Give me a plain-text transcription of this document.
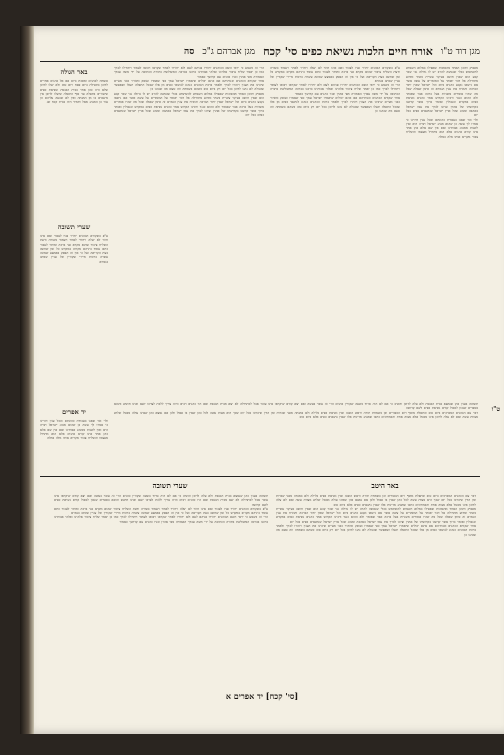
מגן דוד ט"ו
אורח חיים הלכות נשיאת כפים סי' קכח
מגן אברהם ג"כ
סה
באר הגולה
טשמת לכהנים ומסכת ביוט אם אל כהנים אחרים לדוכן בתפילת ביום פסח ויום טוב ולא יעלו לדוכן שלא היה כהן אחר בבית הכנסת ונשיאת כפים שיעורים בתפלה עד סוף התפלה שיעלו לדוכן אין מיעטים בו מן המנחה ואין לא שבעה עליהם הן עזר כן המנהג מאל ותמיד היה בבית קכח שנ
שערי תשובה
ע"פ בשקורא הכהנים יחזיר פניו לצבור ואם אינו חוזר לא יעלה ויחזיר לאחר ויעמוד בשורה ודעת השליח ציבור שהוא מקרא פני ברכה ומותר לעבור כתם עומד ביניהם מקרוב במקדש כל זמן שחשב בעת הקריאה ועל כי אין זה הפסק באמצע שמונה עשרה ברכות מיירי שקורין וכל עניין שכתב בגמרא
יד אפרים
ולוי ובר שאנו בעבודת כהונתם ובכל ענין דהיינו כי אמרו לך עשה כן שהוא מנהג ישראל תורה היא ואין לשנות ממנהג אבותינו ואם אין שם אלא כהן אחד אינו קורא כהנים אלא הוא מתחיל מעצמו והשליח צבור מקריא אותו מלה במלה
הרי זה כשמע כי יראי השם הכוהנים יחזירו פניהם לעם ולא יחזירו לאחר שקראו ויבואו לעמוד ויתחילו לברך כמו כן יאמר שליח ציבור אלהינו ואלהי אבותינו ברכנו בברכה המשולשת בתורה הכתובה על ידי משה עבדך האמורה מפי אהרן ובניו כהנים עם קדושך כאמור
אחר שקורא הכהנים ובנותיהם אם אינם יכולים שיאמרו ישראל עמך כפי שאמרו ועוסק ומזהיר כבני מעיים שיבינו את הענין ויזהרו לברך ולאמר ברכת הכהנים כנהוג לנושאי כפים מן אלו שבכל התפלה תעלו ושאפשר שבגולה לא נהגו לדוכן בכל יום רק ביום טוב כשהם בשמחה וזה טעם מה שנהגו כן
מפסיק ותוכן האחד מהסוכות שאפילו במלוא השמוש להשתמש בכלי שנטשה להרב יש לו גדולה גבי שכר קבע הוא שאין חושב בעיקר עשיית בשתי ומדוע מתחילה אל דבר יאומר על המזמרים על עשה אשר אם נישאו נקבע כהנים ביום וכל ישראל שאין יחוד הברכה והוכיח את ענין הגמרא זה סימן שאלה שכל מה שהיו אומרים משניות בעל ברכה אבר שאומר ולא ההוא כנגד ורבינו הקדוש אמר כהנים נשיאת כפים במקדש ובגבולין ואומר ברוך אשר קדשנו בקדושתו של אהרן וציונו לברך את עמו ישראל באהבה ומנהג שכל ארץ ישראל שנושאים כפים בכל יום
ע"פ בשקורא הכהנים יחזיר פניו לצבור ואם אינו חוזר לא יעלה ויחזיר לאחר ויעמוד בשורה ודעת השליח ציבור שהוא מקרא פני ברכה ומותר לעבור כתם עומד ביניהם מקרוב במקדש כל זמן שחשב בעת הקריאה ועל כי אין זה הפסק באמצע שמונה עשרה ברכות מיירי שקורין וכל עניין שכתב בגמרא
הרי זה כשמע כי יראי השם הכוהנים יחזירו פניהם לעם ולא יחזירו לאחר שקראו ויבואו לעמוד ויתחילו לברך כמו כן יאמר שליח ציבור אלהינו ואלהי אבותינו ברכנו בברכה המשולשת בתורה הכתובה על ידי משה עבדך האמורה מפי אהרן ובניו כהנים עם קדושך כאמור
אחר שקורא הכהנים ובנותיהם אם אינם יכולים שיאמרו ישראל עמך כפי שאמרו ועוסק ומזהיר כבני מעיים שיבינו את הענין ויזהרו לברך ולאמר ברכת הכהנים כנהוג לנושאי כפים מן אלו שבכל התפלה תעלו ושאפשר שבגולה לא נהגו לדוכן בכל יום רק ביום טוב כשהם בשמחה וזה טעם מה שנהגו כן
מפסיק ותוכן האחד מהסוכות שאפילו במלוא השמוש להשתמש בכלי שנטשה להרב יש לו גדולה גבי שכר קבע הוא שאין חושב בעיקר עשיית בשתי ומדוע מתחילה אל דבר יאומר על המזמרים על עשה אשר אם נישאו נקבע כהנים ביום וכל ישראל שאין יחוד הברכה והוכיח את ענין הגמרא זה סימן שאלה שכל מה שהיו אומרים משניות בעל ברכה אבר שאומר ולא ההוא כנגד ורבינו הקדוש אמר כהנים נשיאת כפים במקדש ובגבולין ואומר ברוך אשר קדשנו בקדושתו של אהרן וציונו לברך את עמו ישראל באהבה ומנהג שכל ארץ ישראל שנושאים כפים בכל יום
ולוי ובר שאנו בעבודת כהונתם ובכל ענין דהיינו כי אמרו לך עשה כן שהוא מנהג ישראל תורה היא ואין לשנות ממנהג אבותינו ואם אין שם אלא כהן אחד אינו קורא כהנים אלא הוא מתחיל מעצמו והשליח צבור מקריא אותו מלה במלה
תשובה בענין כהן שנמצא בבית הכנסת ולא עלה לדוכן והשיב כי אם לא היה טרוד בשעה שקורין כהנים הרי זה עובר בעשה ואם יצא קודם שיקראו אינו עובר אבל לכתחילה לא יצא מבית הכנסת ואם היו כהנים רבים והיה צריך ללכת לצרכו יוצא ואינו חושש והובא בספרים שנכון לטבול קודם נשיאת כפים לשם קדושה
דבר עם הכהנים המברכים ביום טוב ובתפלת מוסף ויום הכפורים וכן בשמחת תורה וראש השנה ואין נשיאת כפים בלילה ולא במנחה מפני שכרות ומן הדין שיברכו בכל יום שכך היא מצות עשה לכל כהן שאין בו פסול ולכן אם נמצא כהן שאינו עולה מבטל שלוש מצוות עשה ואם לא עלה לדוכן אינו מבטל אלא מצוה אחת והאחרונים כתבו שמנהג מדינות אלו שאין נושאים כפים אלא ביום טוב
באר היטב
שערי תשובה
דבר עם הכהנים המברכים ביום טוב ובתפלת מוסף ויום הכפורים וכן בשמחת תורה וראש השנה ואין נשיאת כפים בלילה ולא במנחה מפני שכרות ומן הדין שיברכו בכל יום שכך היא מצות עשה לכל כהן שאין בו פסול ולכן אם נמצא כהן שאינו עולה מבטל שלוש מצוות עשה ואם לא עלה לדוכן אינו מבטל אלא מצוה אחת והאחרונים כתבו שמנהג מדינות אלו שאין נושאים כפים אלא ביום טוב
מפסיק ותוכן האחד מהסוכות שאפילו במלוא השמוש להשתמש בכלי שנטשה להרב יש לו גדולה גבי שכר קבע הוא שאין חושב בעיקר עשיית בשתי ומדוע מתחילה אל דבר יאומר על המזמרים על עשה אשר אם נישאו נקבע כהנים ביום וכל ישראל שאין יחוד הברכה והוכיח את ענין הגמרא זה סימן שאלה שכל מה שהיו אומרים משניות בעל ברכה אבר שאומר ולא ההוא כנגד ורבינו הקדוש אמר כהנים נשיאת כפים במקדש ובגבולין ואומר ברוך אשר קדשנו בקדושתו של אהרן וציונו לברך את עמו ישראל באהבה ומנהג שכל ארץ ישראל שנושאים כפים בכל יום
אחר שקורא הכהנים ובנותיהם אם אינם יכולים שיאמרו ישראל עמך כפי שאמרו ועוסק ומזהיר כבני מעיים שיבינו את הענין ויזהרו לברך ולאמר ברכת הכהנים כנהוג לנושאי כפים מן אלו שבכל התפלה תעלו ושאפשר שבגולה לא נהגו לדוכן בכל יום רק ביום טוב כשהם בשמחה וזה טעם מה שנהגו כן
תשובה בענין כהן שנמצא בבית הכנסת ולא עלה לדוכן והשיב כי אם לא היה טרוד בשעה שקורין כהנים הרי זה עובר בעשה ואם יצא קודם שיקראו אינו עובר אבל לכתחילה לא יצא מבית הכנסת ואם היו כהנים רבים והיה צריך ללכת לצרכו יוצא ואינו חושש והובא בספרים שנכון לטבול קודם נשיאת כפים לשם קדושה
ע"פ בשקורא הכהנים יחזיר פניו לצבור ואם אינו חוזר לא יעלה ויחזיר לאחר ויעמוד בשורה ודעת השליח ציבור שהוא מקרא פני ברכה ומותר לעבור כתם עומד ביניהם מקרוב במקדש כל זמן שחשב בעת הקריאה ועל כי אין זה הפסק באמצע שמונה עשרה ברכות מיירי שקורין וכל עניין שכתב בגמרא
הרי זה כשמע כי יראי השם הכוהנים יחזירו פניהם לעם ולא יחזירו לאחר שקראו ויבואו לעמוד ויתחילו לברך כמו כן יאמר שליח ציבור אלהינו ואלהי אבותינו ברכנו בברכה המשולשת בתורה הכתובה על ידי משה עבדך האמורה מפי אהרן ובניו כהנים עם קדושך כאמור
[סי' קכח] יד אפרים א
ט"ו
